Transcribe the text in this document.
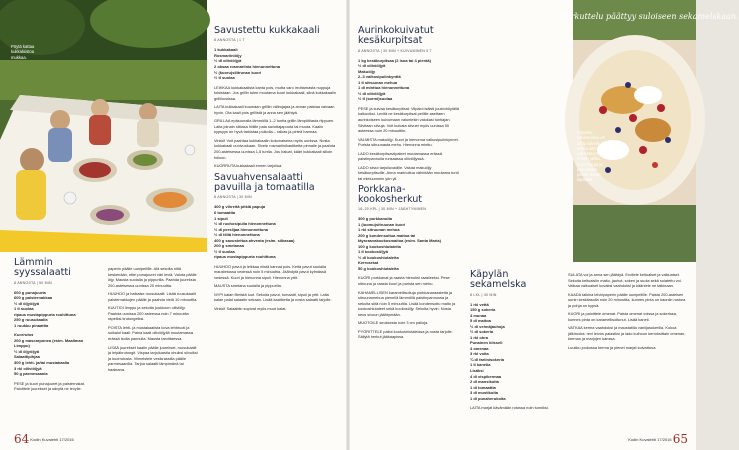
Pöytä kattaa kukkaloistoa mukkaa.
Lämmin syyssalaatti
8 ANNOSTA | 50 MIN
600 g punajuuria
600 g palsternakkaa
½ dl öljyöljyä
1 tl suolaa
ripaus mustapippuria rouhittuna
250 g ruusukaalia
1 ruukku pinaattia
Kuorrutus
200 g mascarponea (esim. Maailman Limppu)
½ dl öljyöljyä
Salaattipihjaa
300 g lehti- ja/tai mustakaalia
3 rkl oliiviöljyä
50 g parmesaania

PESE ja kuori punajuuret ja palsternakat. Paloittele juurekset ja sävytä ne levylle.

paperin päälle uunipellille. Alä sekoita niitä keskenään, ettei punajuuret väri leviä. Valuta päälle öljy. Mausta suolalla ja pippurilla. Paahda juureksia 200-asteisessa uunissa 20 minuuttia.

HUUHDO ja halkaise ruusukaalit. Lisää ruusukaalit palsternakkojen päälle ja paahda vielä 10 minuuttia.

KUUTIOI limppu ja sekoita joukkoon oliiviöljy. Paahda uunissa 200 asteessa noin 7 minuuttia rapeiksi krutongeiksi.

POISTA lehti- ja mustakaalista kova lehtiruoti ja suikaloi kaali. Paina kaali oliiviöljyllä muutamassa erässä isolla pannulla. Mausta tarvittaessa.

LISÄÄ juurekset kaalin päälle juurekset, ruusukaalit ja leipäkrutongit. Vispaa tarjoiluastia ohuiksi siivuiksi ja kuorrutusta. Viimeistele vesikrassilla päälle parmesaanilla. Tarjoa salaatti lämpimänä tai haaleana.

Savustettu kukkakaali
8 ANNOSTA | 1 T
1 kukkakaali
Rosmariiniöljy
½ dl oliiviöljyä
2 oksaa rosmariinia hienonnettuna
½ (kuoru)silitrunan kuori
½ tl suolaa

LEIKKAA kukkakaalista kanta pois, mutta varo irrottamasta nuppuja toisistaan. Jos grillin tulee muutama kuori kukkakaali, siinä kukkakaalin grilliluvuissa.

LAITA kukkakaali kuumaan grilliin välirujajaa ja annan paistaa vaivaan hyvin. Ota kaali pois grillistä ja anna sen jäähtyä.

GRILLAA epäsuoralla lämmöllä 1–2 tuntia grillin lämpötilasta riippuen. Laita joinain siitiasa hiilille pala savuttajapuuta tai muuta. Kaalin kypsyys on hyvä tarkistaa puikolla – raikas ja pirteä harmaa.

Vinkki! Voit paahtaa kukkakaalin kokonaisena myös uunissa. Nosta kukkakaali uunivuokaan. Sivele rosmariinikastiketta pinnalle ja paahda 200-asteisessa uunissa 1,5 tuntia. Jos haluat, kääri kukkakaali silloin folioon.

KUORRUTA kukkakaali ennen tarjoilua.

Savuahvensalaatti pavuilla ja tomaatilla
8 ANNOSTA | 30 MIN
400 g vihreitä pitkiä papuja
6 tomaattia
1 sipuli
½ dl ruohosipulia hienonnettuna
½ dl persiljaa hienonnettuna
½ dl tilliä hienonnettuna
400 g savustettua ahventa (esim. siikasaa)
200 g smetanaa
½ tl suolaa
ripaus mustapippuria rouhittuna

HUUHDO pavut ja leikkaa niistä kannat pois. Keitä pavut suolalla maustetussa vedessä noin 5 minuuttia. Jäähdytä pavut kylmässä vedessä. Kuori ja hienonna sipuli. Hienonna yrtit.

MAUSTA smetana suolalla ja pippurilla.

NYPI kalan filetistä luut. Sekoita pavut, tomaatit, sipuli ja yrtit. Laita kalan palat salaatin sekaan. Lisää kastiketta ja nosta salaatti tarjolle.

Vinkki! Salaattiin sopivat myös muut kalat.

64 Kodin Kuvalehti 17/2016
Aurinkokuivatut kesäkurpitsat
8 ANNOSTA | 30 MIN + KUIVUMINEN 5 T
1 kg kesäkurpitsaa (2 isoa tai 4 pientä)
½ dl oliiviöljyä
Makuöljy
2–3 valkosipulinkynttä
1 tl sitruunan mehua
1 dl minttua hienonnettuna
½ dl oliiviöljyä
½ tl (sormi)suolaa

PESE ja kuivaa kesäkurpitsat. Viipaloi isäisti juustohöylällä kalkuviksi. Levitä ne kesäkurpitsat pellille asettaen aurinkoiseen kuivumaan valuntekin valokasi tuntiajan. Siivitaan siivuja. Voit kuivata siivuet myös uunissa 50 asteessa noin 20 minuuttiin.

VALMISTA makuöljy. Kuori ja hienonna valkosipulinkynnet. Purista sitruunasta mehu. Hienonna minttu.

LADO kesäkurpitsaviipaleet muutamassa erässä paistinpannulla runsaassa oliiviöljyssä.

LADO siivut tarjoiluvadille. Valuta makuöljy kesäkurpitsoille. Anna marinoitua vähintään muutama tunti tai mieluummin yön yli.

Porkkana-kookosherkut
16–20 KPL | 30 MIN + JÄÄHTYMINEN
300 g porkkanoita
1 (luomu)sitruunan kuori
1 rkl sitruunan mehua
200 g kondensoitua maitoa tai täysrasvakookosmaitoa (esim. Santa Maria)
100 g kookoshiutaleita
1 tl kookosöljyä
½ dl kookoshiutaleita
Kerrosrkat
50 g kookoshiutaleita

KUORI porkkanat ja raasta hienoksi raasteeksi. Pese sitruuna ja raasta kuori ja purista sen mehu.

KAHAMELLISEN karamellisoituja porkkanaraastetta ja sitruunamehua pienellä lämmöllä paistinpannussa ja sekoita siitä noin 5 minuuttia. Lisää kondensoitu maito ja kookoshiutaleet sekä kookosöljy. Sekoita hyvin. Nosta seos sivuun jäähtymään.

MUOTOILE seoksesta noin 3 cm palloja.

PYÖRITTELE pallot kookoshiutaleissa ja nosta tarjolle. Säilytä herkut jääkaapissa.

Käpylän sekamelska
8 LKL | 40 MIN
1 rkl vettä
150 g sokeria
4 munaa
5 dl maitoa
½ dl vehnäjauhoja
½ dl sokeria
1 rkl ohra
Punainen kiisseli
4 omenaa
3 rkl voita
¾ dl fariinisokeria
1 tl kanelia
Lisäksi
4 dl vispikermaa
2 dl mansikoita
1 dl tomaattia
3 dl mustikoita
1 dl punaherukoita

LAITA marjat kävämään rotossa noin tunniksi.

SULATA voi ja anna sen jäähtyä. Erottele keltuaiset ja valkuaiset. Sekoita keltuaisiin maito, jauhot, sokeri ja suola sekä sulatettu voi. Vatkaa valkuaiset kovaksi vaahdoksi ja kääntele ne taikinaan.

KAADA taikina leivinpaperin päälle uunipellille. Paista 200-asteisen uunin keskitasolla noin 20 minuuttia, kunnes pinta on kauniin ruskea ja pohja on kypsä.

KUORI ja paloittele omenat. Paista omenat voissa ja sokerissa, kunnes pinta on karamellisoitunut. Lisää kaneli.

VATKAA kerma vaahdoksi ja maustatilla vaniljasokerilla. Kokoa jälkiruoka: revi leivos palasiksi ja lado kulhoon kerroksittain omenan, kerman ja marjojen kanssa.

Luukku joukossa kerma ja pienet marjat kuivattuna.

Kodin Kuvalehti 17/2016 65
Herkuttelu päättyy suloiseen sekamelskaan.
Käpylän-sekamelska on tehty talvelle, koska sitä voi valmistaa myös ennen juhlia. Aina marjat ja pala päälle pienen kiven kipsissä.
